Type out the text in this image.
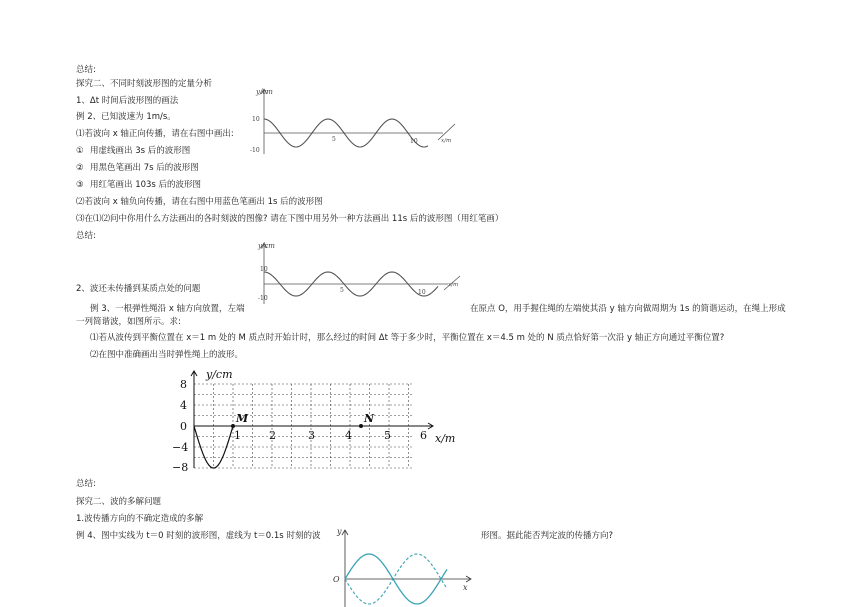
总结:
探究二、不同时刻波形图的定量分析
1、Δt 时间后波形图的画法
例 2、已知波速为 1m/s。
⑴若波向 x 轴正向传播，请在右图中画出:
① 用虚线画出 3s 后的波形图
② 用黑色笔画出 7s 后的波形图
③ 用红笔画出 103s 后的波形图
⑵若波向 x 轴负向传播，请在右图中用蓝色笔画出 1s 后的波形图
⑶在⑴⑵问中你用什么方法画出的各时刻波的图像? 请在下图中用另外一种方法画出 11s 后的波形图（用红笔画）
总结:
2、波还未传播到某质点处的问题
例 3、一根弹性绳沿 x 轴方向放置，左端	在原点 O，用手握住绳的左端使其沿 y 轴方向做周期为 1s 的简谐运动，在绳上形成
一列简谐波，如图所示。求:
⑴若从波传到平衡位置在 x＝1 m 处的 M 质点时开始计时，那么经过的时间 Δt 等于多少时，平衡位置在 x＝4.5 m 处的 N 质点恰好第一次沿 y 轴正方向通过平衡位置?
⑵在图中准确画出当时弹性绳上的波形。
总结:
探究二、波的多解问题
1.波传播方向的不确定造成的多解
例 4、图中实线为 t＝0 时刻的波形图，虚线为 t＝0.1s 时刻的波	形图。据此能否判定波的传播方向?
y/cm
10
-10
5	10	x/m
y/cm
10
-10
5	10
x/m
y/cm
M	N
8
4
0
−4
−8
1	2	3	4	5	6 x/m
y
O
x
